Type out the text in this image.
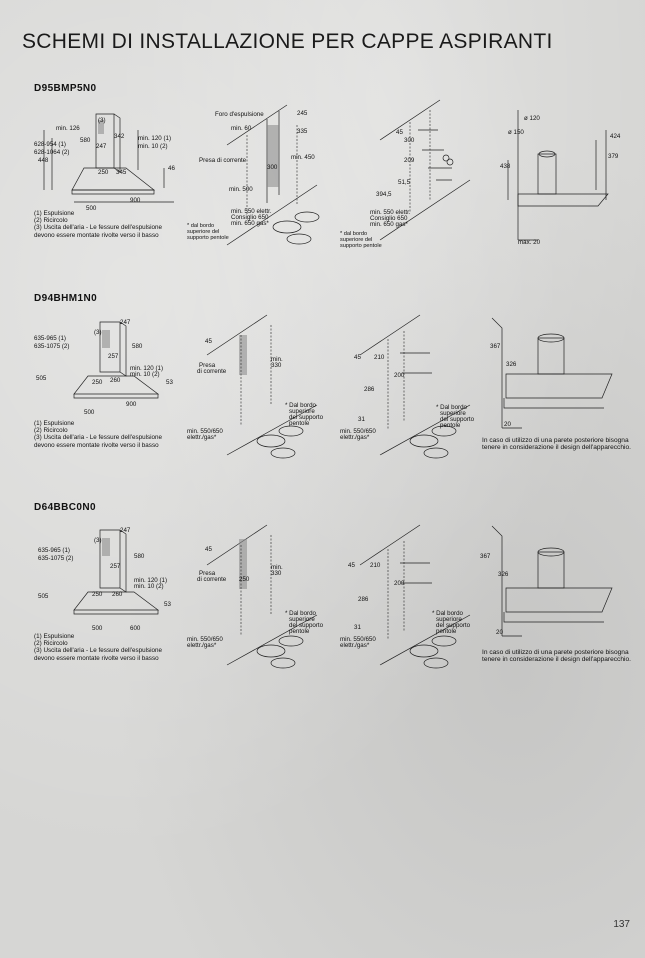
SCHEMI DI INSTALLAZIONE PER CAPPE ASPIRANTI
D95BMP5N0
(3)
min. 126
580
342
247
min. 120 (1)
min. 10 (2)
628-954 (1)
628-1064 (2)
448
250 345
46
500
900
(1) Espulsione
(2) Ricircolo
(3) Uscita dell'aria - Le fessure dell'espulsione devono essere montate rivolte verso il basso
Foro d'espulsione	245
min. 60	335
Presa di corrente
300
min. 450
min. 500
min. 550 elettr.
Consiglio 650
min. 650 gas*
* dal bordo superiore del supporto pentole
45
300
209
51,5
394,5
min. 550 elettr.
Consiglio 650
min. 650 gas*
* dal bordo superiore del supporto pentole
ø 120
ø 150
424
379
438
max. 20
D94BHM1N0
(3)
247
635-965 (1)
635-1075 (2)	580
257
505
min. 120 (1)
min. 10 (2)
250 260	53
500
900
(1) Espulsione
(2) Ricircolo
(3) Uscita dell'aria - Le fessure dell'espulsione devono essere montate rivolte verso il basso
45
Presa
di corrente
min.
330
* Dal bordo
superiore
del supporto
pentole
min. 550/650
elettr./gas*
45 210
200
286
31
min. 550/650
elettr./gas*
* Dal bordo
superiore
del supporto
pentole
367
326
20
In caso di utilizzo di una parete posteriore bisogna tenere in considerazione il design dell'apparecchio.
D64BBC0N0
(3)
247
635-965 (1)
635-1075 (2)	580
257
505
min. 120 (1)
min. 10 (2)
250 260
53
500	600
(1) Espulsione
(2) Ricircolo
(3) Uscita dell'aria - Le fessure dell'espulsione devono essere montate rivolte verso il basso
45
Presa
di corrente 250
min.
330
* Dal bordo
superiore
del supporto
pentole
min. 550/650
elettr./gas*
45 210
200
286
31
min. 550/650
elettr./gas*
* Dal bordo
superiore
del supporto
pentole
367
326
20
In caso di utilizzo di una parete posteriore bisogna tenere in considerazione il design dell'apparecchio.
137
